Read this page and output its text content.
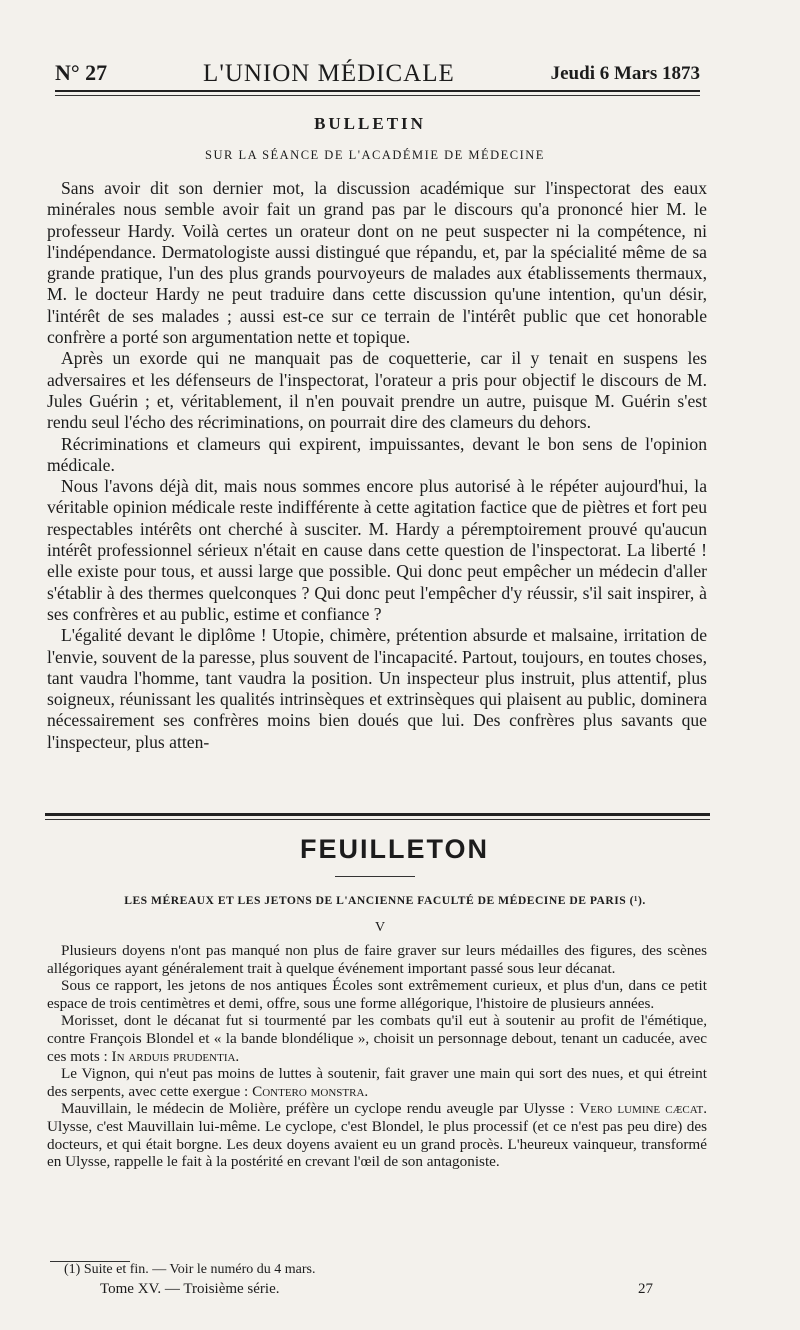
N° 27	L'UNION MÉDICALE	Jeudi 6 Mars 1873
BULLETIN
SUR LA SÉANCE DE L'ACADÉMIE DE MÉDECINE

Sans avoir dit son dernier mot, la discussion académique sur l'inspectorat des eaux minérales nous semble avoir fait un grand pas par le discours qu'a prononcé hier M. le professeur Hardy. Voilà certes un orateur dont on ne peut suspecter ni la compétence, ni l'indépendance. Dermatologiste aussi distingué que répandu, et, par la spécialité même de sa grande pratique, l'un des plus grands pourvoyeurs de malades aux établissements thermaux, M. le docteur Hardy ne peut traduire dans cette discussion qu'une intention, qu'un désir, l'intérêt de ses malades ; aussi est-ce sur ce terrain de l'intérêt public que cet honorable confrère a porté son argumentation nette et topique.

Après un exorde qui ne manquait pas de coquetterie, car il y tenait en suspens les adversaires et les défenseurs de l'inspectorat, l'orateur a pris pour objectif le discours de M. Jules Guérin ; et, véritablement, il n'en pouvait prendre un autre, puisque M. Guérin s'est rendu seul l'écho des récriminations, on pourrait dire des clameurs du dehors.

Récriminations et clameurs qui expirent, impuissantes, devant le bon sens de l'opinion médicale.

Nous l'avons déjà dit, mais nous sommes encore plus autorisé à le répéter aujourd'hui, la véritable opinion médicale reste indifférente à cette agitation factice que de piètres et fort peu respectables intérêts ont cherché à susciter. M. Hardy a péremptoirement prouvé qu'aucun intérêt professionnel sérieux n'était en cause dans cette question de l'inspectorat. La liberté ! elle existe pour tous, et aussi large que possible. Qui donc peut empêcher un médecin d'aller s'établir à des thermes quelconques ? Qui donc peut l'empêcher d'y réussir, s'il sait inspirer, à ses confrères et au public, estime et confiance ?

L'égalité devant le diplôme ! Utopie, chimère, prétention absurde et malsaine, irritation de l'envie, souvent de la paresse, plus souvent de l'incapacité. Partout, toujours, en toutes choses, tant vaudra l'homme, tant vaudra la position. Un inspecteur plus instruit, plus attentif, plus soigneux, réunissant les qualités intrinsèques et extrinsèques qui plaisent au public, dominera nécessairement ses confrères moins bien doués que lui. Des confrères plus savants que l'inspecteur, plus atten-

FEUILLETON
LES MÉREAUX ET LES JETONS DE L'ANCIENNE FACULTÉ DE MÉDECINE DE PARIS (¹).
V

Plusieurs doyens n'ont pas manqué non plus de faire graver sur leurs médailles des figures, des scènes allégoriques ayant généralement trait à quelque événement important passé sous leur décanat.

Sous ce rapport, les jetons de nos antiques Écoles sont extrêmement curieux, et plus d'un, dans ce petit espace de trois centimètres et demi, offre, sous une forme allégorique, l'histoire de plusieurs années.

Morisset, dont le décanat fut si tourmenté par les combats qu'il eut à soutenir au profit de l'émétique, contre François Blondel et « la bande blondélique », choisit un personnage debout, tenant un caducée, avec ces mots : In arduis prudentia.

Le Vignon, qui n'eut pas moins de luttes à soutenir, fait graver une main qui sort des nues, et qui étreint des serpents, avec cette exergue : Contero monstra.

Mauvillain, le médecin de Molière, préfère un cyclope rendu aveugle par Ulysse : Vero lumine cæcat. Ulysse, c'est Mauvillain lui-même. Le cyclope, c'est Blondel, le plus processif (et ce n'est pas peu dire) des docteurs, et qui était borgne. Les deux doyens avaient eu un grand procès. L'heureux vainqueur, transformé en Ulysse, rappelle le fait à la postérité en crevant l'œil de son antagoniste.

(1) Suite et fin. — Voir le numéro du 4 mars.
Tome XV. — Troisième série.	27
